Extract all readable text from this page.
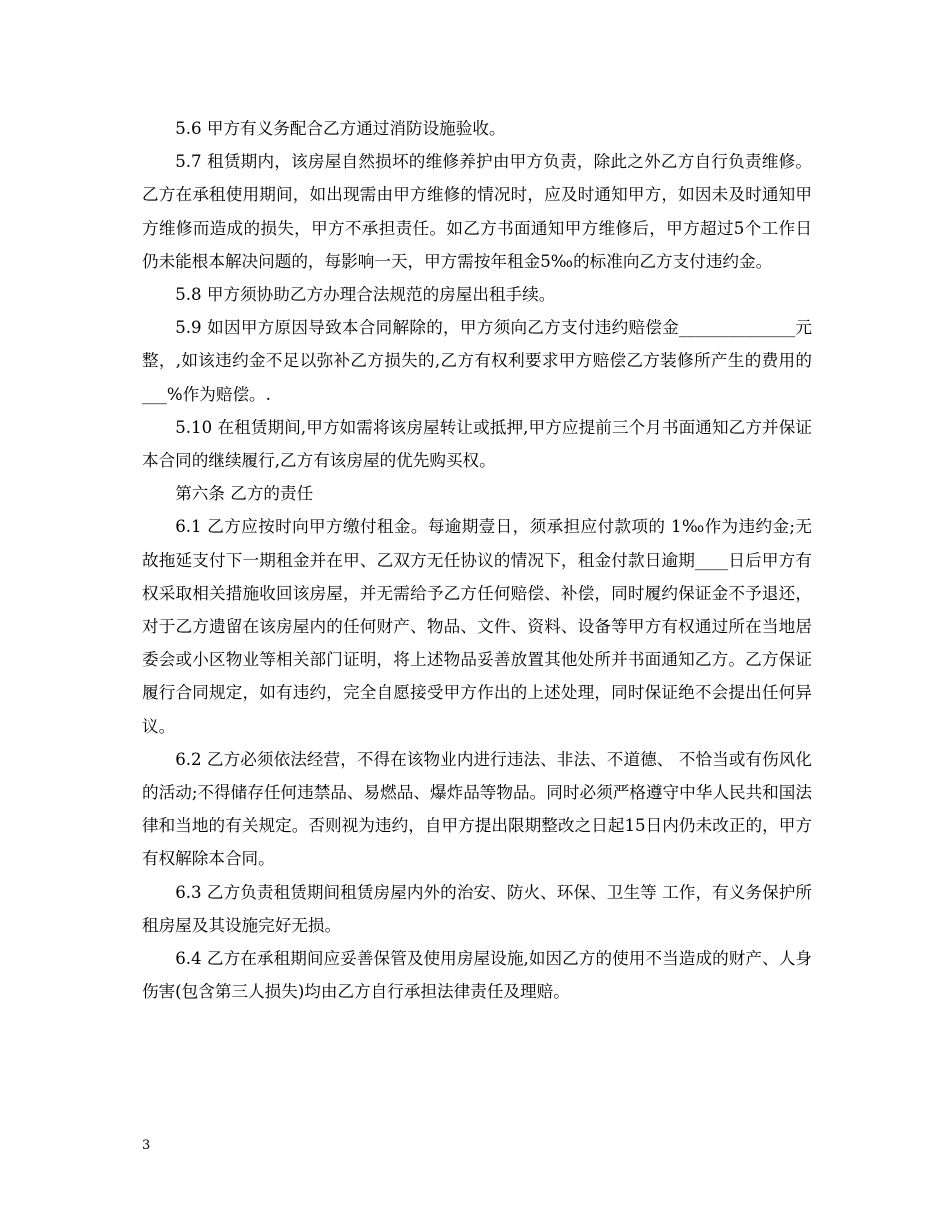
5.6 甲方有义务配合乙方通过消防设施验收。

5.7 租赁期内，该房屋自然损坏的维修养护由甲方负责，除此之外乙方自行负责维修。乙方在承租使用期间，如出现需由甲方维修的情况时，应及时通知甲方，如因未及时通知甲方维修而造成的损失，甲方不承担责任。如乙方书面通知甲方维修后，甲方超过5个工作日仍未能根本解决问题的，每影响一天，甲方需按年租金5‰的标准向乙方支付违约金。

5.8 甲方须协助乙方办理合法规范的房屋出租手续。

5.9 如因甲方原因导致本合同解除的，甲方须向乙方支付违约赔偿金______________元整，,如该违约金不足以弥补乙方损失的,乙方有权利要求甲方赔偿乙方装修所产生的费用的___%作为赔偿。.

5.10 在租赁期间,甲方如需将该房屋转让或抵押,甲方应提前三个月书面通知乙方并保证本合同的继续履行,乙方有该房屋的优先购买权。

第六条 乙方的责任

6.1 乙方应按时向甲方缴付租金。每逾期壹日，须承担应付款项的 1‰作为违约金;无故拖延支付下一期租金并在甲、乙双方无任协议的情况下，租金付款日逾期____日后甲方有权采取相关措施收回该房屋，并无需给予乙方任何赔偿、补偿，同时履约保证金不予退还，对于乙方遗留在该房屋内的任何财产、物品、文件、资料、设备等甲方有权通过所在当地居委会或小区物业等相关部门证明，将上述物品妥善放置其他处所并书面通知乙方。乙方保证履行合同规定，如有违约，完全自愿接受甲方作出的上述处理，同时保证绝不会提出任何异议。

6.2 乙方必须依法经营，不得在该物业内进行违法、非法、不道德、 不恰当或有伤风化的活动;不得储存任何违禁品、易燃品、爆炸品等物品。同时必须严格遵守中华人民共和国法律和当地的有关规定。否则视为违约，自甲方提出限期整改之日起15日内仍未改正的，甲方有权解除本合同。

6.3 乙方负责租赁期间租赁房屋内外的治安、防火、环保、卫生等 工作，有义务保护所租房屋及其设施完好无损。

6.4 乙方在承租期间应妥善保管及使用房屋设施,如因乙方的使用不当造成的财产、人身伤害(包含第三人损失)均由乙方自行承担法律责任及理赔。

3
